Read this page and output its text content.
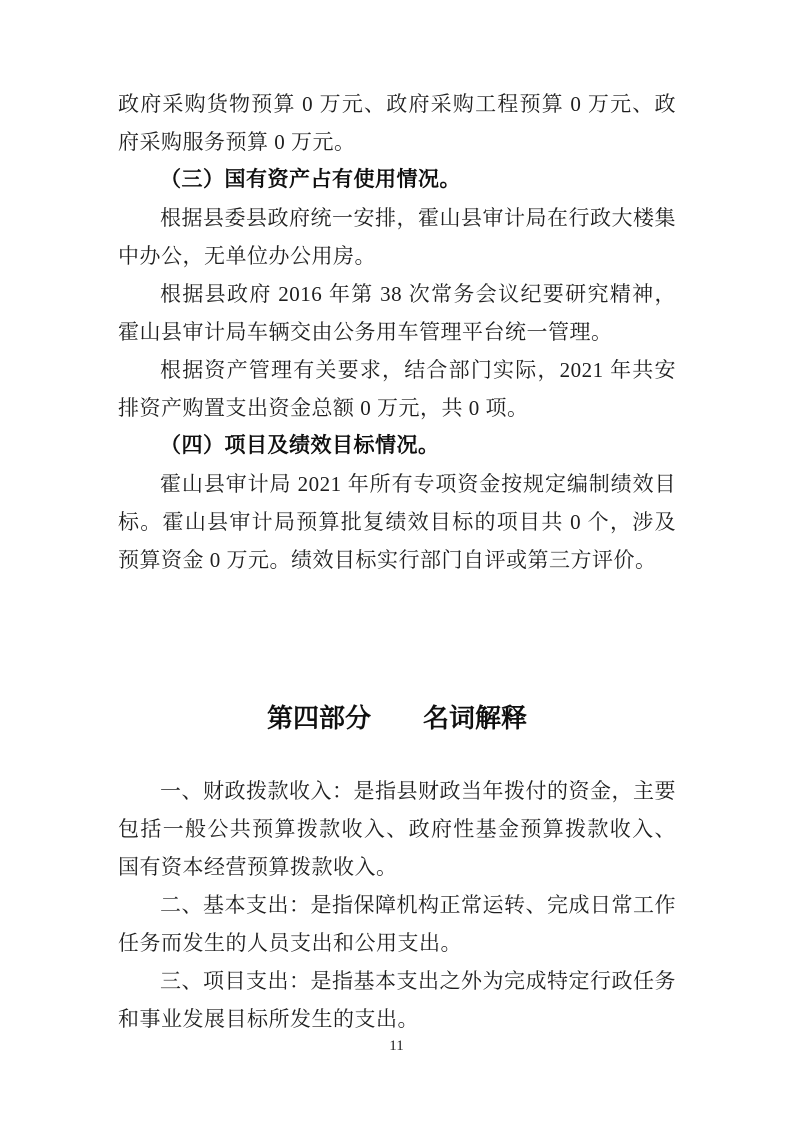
政府采购货物预算 0 万元、政府采购工程预算 0 万元、政府采购服务预算 0 万元。

（三）国有资产占有使用情况。

根据县委县政府统一安排，霍山县审计局在行政大楼集中办公，无单位办公用房。

根据县政府 2016 年第 38 次常务会议纪要研究精神，霍山县审计局车辆交由公务用车管理平台统一管理。

根据资产管理有关要求，结合部门实际，2021 年共安排资产购置支出资金总额 0 万元，共 0 项。

（四）项目及绩效目标情况。

霍山县审计局 2021 年所有专项资金按规定编制绩效目标。霍山县审计局预算批复绩效目标的项目共 0 个，涉及预算资金 0 万元。绩效目标实行部门自评或第三方评价。

第四部分　　名词解释

一、财政拨款收入：是指县财政当年拨付的资金，主要包括一般公共预算拨款收入、政府性基金预算拨款收入、国有资本经营预算拨款收入。

二、基本支出：是指保障机构正常运转、完成日常工作任务而发生的人员支出和公用支出。

三、项目支出：是指基本支出之外为完成特定行政任务和事业发展目标所发生的支出。

11
